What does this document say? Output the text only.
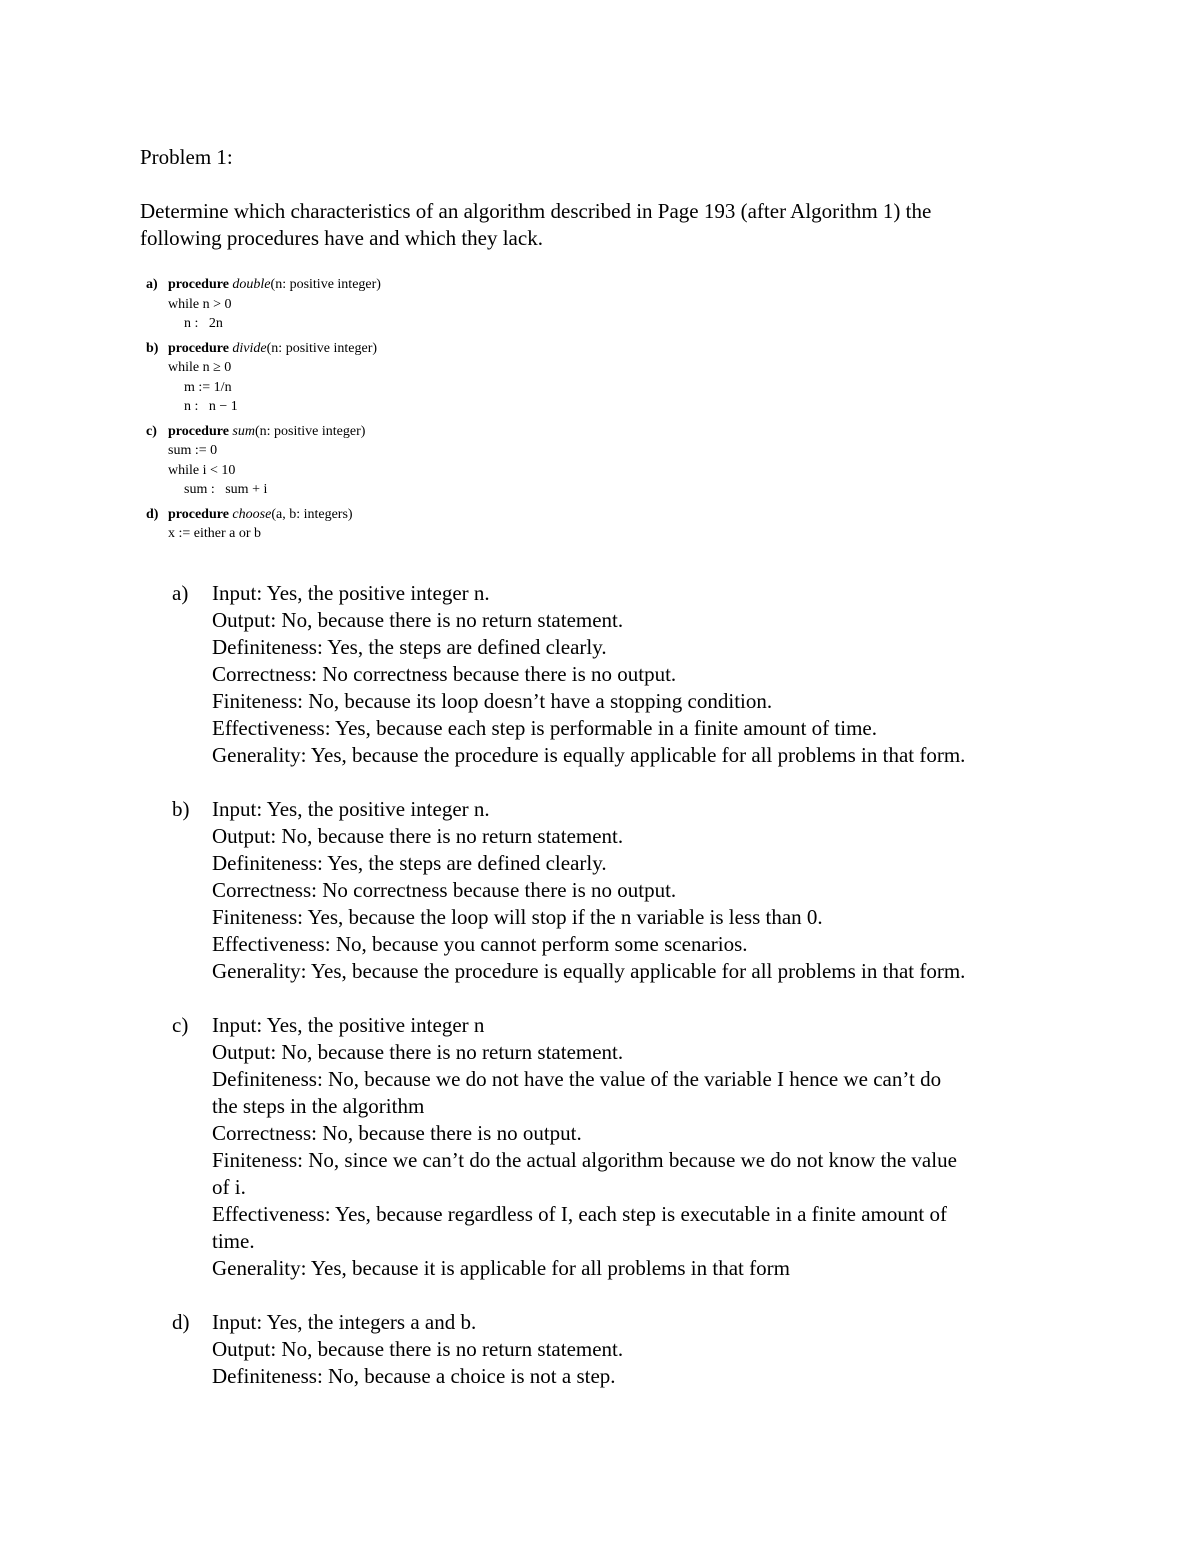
Problem 1:
Determine which characteristics of an algorithm described in Page 193 (after Algorithm 1) the
following procedures have and which they lack.
a) procedure double(n: positive integer)
while n > 0
n :   2n
b) procedure divide(n: positive integer)
while n ≥ 0
m := 1/n
n :   n − 1
c) procedure sum(n: positive integer)
sum := 0
while i < 10
sum :   sum + i
d) procedure choose(a, b: integers)
x := either a or b
a) Input: Yes, the positive integer n.
Output: No, because there is no return statement.
Definiteness: Yes, the steps are defined clearly.
Correctness: No correctness because there is no output.
Finiteness: No, because its loop doesn’t have a stopping condition.
Effectiveness: Yes, because each step is performable in a finite amount of time.
Generality: Yes, because the procedure is equally applicable for all problems in that form.
b) Input: Yes, the positive integer n.
Output: No, because there is no return statement.
Definiteness: Yes, the steps are defined clearly.
Correctness: No correctness because there is no output.
Finiteness: Yes, because the loop will stop if the n variable is less than 0.
Effectiveness: No, because you cannot perform some scenarios.
Generality: Yes, because the procedure is equally applicable for all problems in that form.
c) Input: Yes, the positive integer n
Output: No, because there is no return statement.
Definiteness: No, because we do not have the value of the variable I hence we can’t do
the steps in the algorithm
Correctness: No, because there is no output.
Finiteness: No, since we can’t do the actual algorithm because we do not know the value
of i.
Effectiveness: Yes, because regardless of I, each step is executable in a finite amount of
time.
Generality: Yes, because it is applicable for all problems in that form
d) Input: Yes, the integers a and b.
Output: No, because there is no return statement.
Definiteness: No, because a choice is not a step.
